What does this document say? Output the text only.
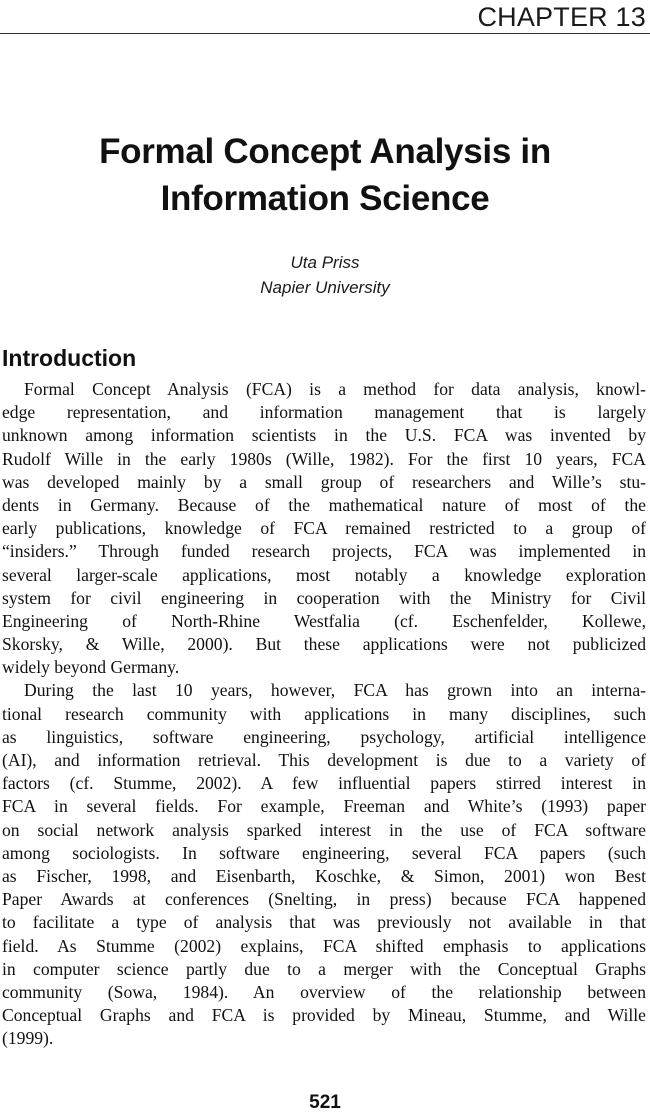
CHAPTER 13
Formal Concept Analysis in
Information Science
Uta Priss
Napier University
Introduction
Formal Concept Analysis (FCA) is a method for data analysis, knowl-
edge representation, and information management that is largely
unknown among information scientists in the U.S. FCA was invented by
Rudolf Wille in the early 1980s (Wille, 1982). For the first 10 years, FCA
was developed mainly by a small group of researchers and Wille’s stu-
dents in Germany. Because of the mathematical nature of most of the
early publications, knowledge of FCA remained restricted to a group of
“insiders.” Through funded research projects, FCA was implemented in
several larger-scale applications, most notably a knowledge exploration
system for civil engineering in cooperation with the Ministry for Civil
Engineering of North-Rhine Westfalia (cf. Eschenfelder, Kollewe,
Skorsky, & Wille, 2000). But these applications were not publicized
widely beyond Germany.
During the last 10 years, however, FCA has grown into an interna-
tional research community with applications in many disciplines, such
as linguistics, software engineering, psychology, artificial intelligence
(AI), and information retrieval. This development is due to a variety of
factors (cf. Stumme, 2002). A few influential papers stirred interest in
FCA in several fields. For example, Freeman and White’s (1993) paper
on social network analysis sparked interest in the use of FCA software
among sociologists. In software engineering, several FCA papers (such
as Fischer, 1998, and Eisenbarth, Koschke, & Simon, 2001) won Best
Paper Awards at conferences (Snelting, in press) because FCA happened
to facilitate a type of analysis that was previously not available in that
field. As Stumme (2002) explains, FCA shifted emphasis to applications
in computer science partly due to a merger with the Conceptual Graphs
community (Sowa, 1984). An overview of the relationship between
Conceptual Graphs and FCA is provided by Mineau, Stumme, and Wille
(1999).
521
